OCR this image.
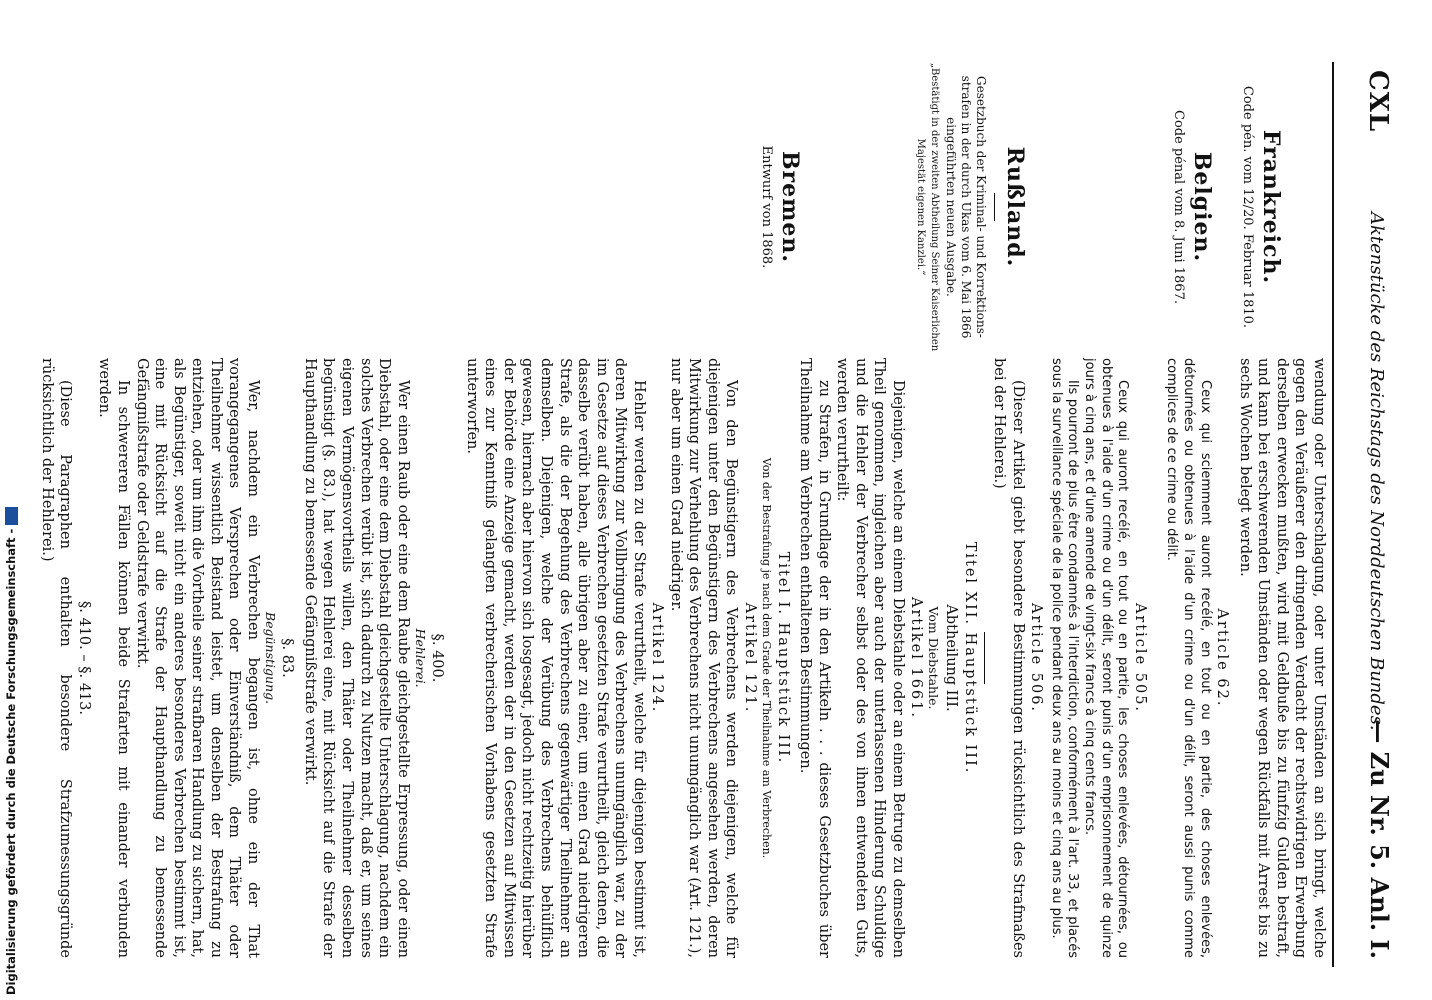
Digitalisierung gefördert durch die Deutsche Forschungsgemeinschaft -
CXL
Aktenstücke des Reichstags des Norddeutschen Bundes.
— Zu Nr. 5. Anl. I.

Frankreich.

Code pén. vom 12/20. Februar 1810.

Belgien.

Code pénal vom 8. Juni 1867.

Rußland.

Gesetzbuch der Kriminal- und Korrektions-

strafen in der durch Ukas vom 6. Mai 1866

eingeführten neuen Ausgabe.

„Bestätigt in der zweiten Abtheilung Seiner Kaiserlichen

Majestät eigenen Kanzlei.“

Bremen.

Entwurf von 1868.

wendung oder Unterschlagung, oder unter Umständen an sich bringt, welche gegen den Veräußerer den dringenden Verdacht der rechtswidrigen Erwerbung derselben erwecken mußten, wird mit Geldbuße bis zu fünfzig Gulden bestraft, und kann bei erschwerenden Umständen oder wegen Rückfalls mit Arrest bis zu sechs Wochen belegt werden.

Article 62.

Ceux qui sciemment auront recélé, en tout ou en partie, des choses enlevées, détournées ou obtenues à l'aide d'un crime ou d'un délit, seront aussi punis comme complices de ce crime ou délit.

Article 505.

Ceux qui auront recélé, en tout ou en partie, les choses enlevées, détournées, ou obtenues à l'aide d'un crime ou d'un délit, seront punis d'un emprisonnement de quinze jours à cinq ans, et d'une amende de vingt-six francs à cinq cents francs.

Ils pourront de plus être condamnés à l'interdiction, conformément à l'art. 33, et placés sous la surveillance spéciale de la police pendant deux ans au moins et cinq ans au plus.

Article 506.

(Dieser Artikel giebt besondere Bestimmungen rücksichtlich des Strafmaßes bei der Hehlerei.)

Titel XII. Hauptstück III.

Abtheilung III.

Vom Diebstahle.

Artikel 1661.

Diejenigen, welche an einem Diebstahle oder an einem Betruge zu demselben Theil genommen, ingleichen aber auch der unterlassenen Hinderung Schuldige und die Hehler der Verbrecher selbst oder des von ihnen entwendeten Guts, werden verurtheilt:

zu Strafen, in Grundlage der in den Artikeln . . . dieses Gesetzbuches über Theilnahme am Verbrechen enthaltenen Bestimmungen.

Titel I. Hauptstück III.

Von der Bestrafung je nach dem Grade der Theilnahme am Verbrechen.

Artikel 121.

Von den Begünstigern des Verbrechens werden diejenigen, welche für diejenigen unter den Begünstigern des Verbrechens angesehen werden, deren Mitwirkung zur Verhehlung des Verbrechens nicht unumgänglich war (Art. 121.), nur aber um einen Grad niedriger.

Artikel 124.

Hehler werden zu der Strafe verurtheilt, welche für diejenigen bestimmt ist, deren Mitwirkung zur Vollbringung des Verbrechens unumgänglich war, zu der im Gesetze auf dieses Verbrechen gesetzten Strafe verurtheilt, gleich denen, die dasselbe verübt haben, alle übrigen aber zu einer, um einen Grad niedrigeren Strafe, als die der Begehung des Verbrechens gegenwärtiger Theilnehmer an demselben. Diejenigen, welche der Verübung des Verbrechens behülflich gewesen, hiernach aber hiervon sich losgesagt, jedoch nicht rechtzeitig hierüber der Behörde eine Anzeige gemacht, werden der in den Gesetzen auf Mitwissen eines zur Kenntniß gelangten verbrecherischen Vorhabens gesetzten Strafe unterworfen.

§. 400.

Hehlerei.

Wer einen Raub oder eine dem Raube gleichgestellte Erpressung, oder einen Diebstahl, oder eine dem Diebstahl gleichgestellte Unterschlagung, nachdem ein solches Verbrechen verübt ist, sich dadurch zu Nutzen macht, daß er, um seines eigenen Vermögensvortheils willen, den Thäter oder Theilnehmer desselben begünstigt (§. 83.), hat wegen Hehlerei eine, mit Rücksicht auf die Strafe der Haupthandlung zu bemessende Gefängnißstrafe verwirkt.

§. 83.

Begünstigung.

Wer, nachdem ein Verbrechen begangen ist, ohne ein der That vorangegangenes Versprechen oder Einverständniß, dem Thäter oder Theilnehmer wissentlich Beistand leistet, um denselben der Bestrafung zu entziehen, oder um ihm die Vortheile seiner strafbaren Handlung zu sichern, hat, als Begünstiger, soweit nicht ein anderes besonderes Verbrechen bestimmt ist, eine mit Rücksicht auf die Strafe der Haupthandlung zu bemessende Gefängnißstrafe oder Geldstrafe verwirkt.

In schwereren Fällen können beide Strafarten mit einander verbunden werden.

§. 410. – §. 413.

(Diese Paragraphen enthalten besondere Strafzumessungsgründe rücksichtlich der Hehlerei.)
